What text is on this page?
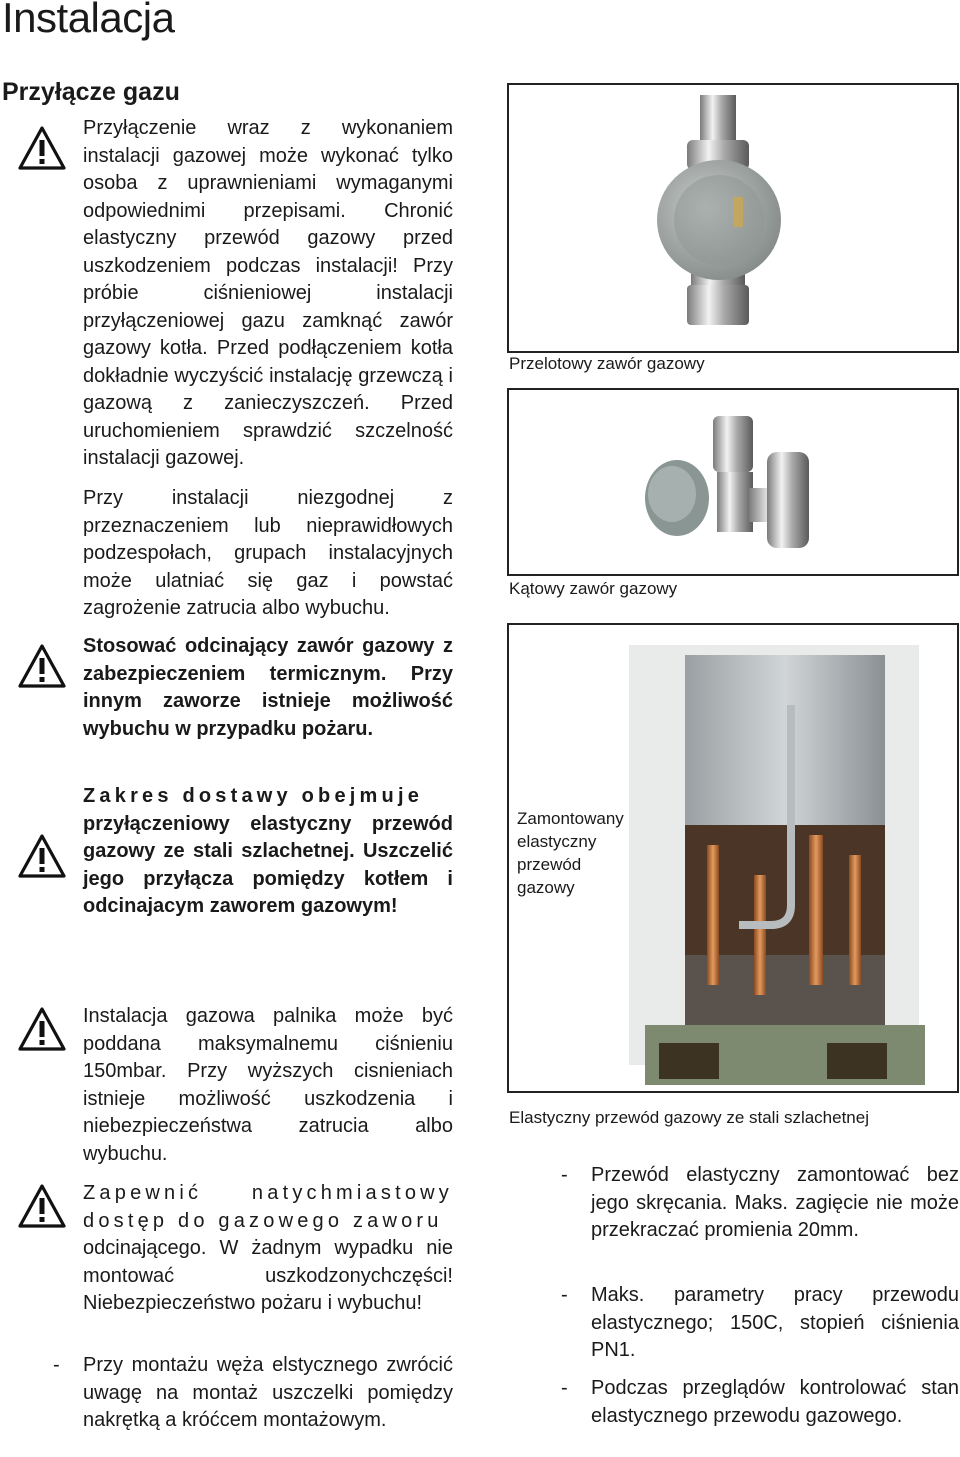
Instalacja
Przyłącze gazu
Przyłączenie wraz z wykonaniem instalacji gazowej może wykonać tylko osoba z uprawnieniami wymaganymi odpowiednimi przepisami. Chronić elastyczny przewód gazowy przed uszkodzeniem podczas instalacji! Przy próbie ciśnieniowej instalacji przyłączeniowej gazu zamknąć zawór gazowy kotła. Przed podłączeniem kotła dokładnie wyczyścić instalację grzewczą i gazową z zanieczyszczeń. Przed uruchomieniem sprawdzić szczelność instalacji gazowej.
Przy instalacji niezgodnej z przeznaczeniem lub nieprawidłowych podzespołach, grupach instalacyjnych może ulatniać się gaz i powstać zagrożenie zatrucia albo wybuchu.
Stosować odcinający zawór gazowy z zabezpieczeniem termicznym. Przy innym zaworze istnieje możliwość wybuchu w przypadku pożaru.
Zakres dostawy obejmuje
przyłączeniowy elastyczny przewód gazowy ze stali szlachetnej. Uszczelić jego przyłącza pomiędzy kotłem i odcinajacym zaworem gazowym!
Instalacja gazowa palnika może być poddana maksymalnemu ciśnieniu 150mbar. Przy wyższych cisnieniach istnieje możliwość uszkodzenia i niebezpieczeństwa zatrucia albo wybuchu.
Zapewnić natychmiastowy dostęp do gazowego zaworu
odcinającego. W żadnym wypadku nie montować uszkodzonychczęści! Niebezpieczeństwo pożaru i wybuchu!
- Przy montażu węża elstycznego zwrócić uwagę na montaż uszczelki pomiędzy nakrętką a króćcem montażowym.
Przelotowy zawór gazowy
Kątowy zawór gazowy
Zamontowany elastyczny przewód gazowy
Elastyczny przewód gazowy ze stali szlachetnej
- Przewód elastyczny zamontować bez jego skręcania. Maks. zagięcie nie może przekraczać promienia 20mm.
- Maks. parametry pracy przewodu elastycznego; 150C, stopień ciśnienia PN1.
- Podczas przeglądów kontrolować stan elastycznego przewodu gazowego.
